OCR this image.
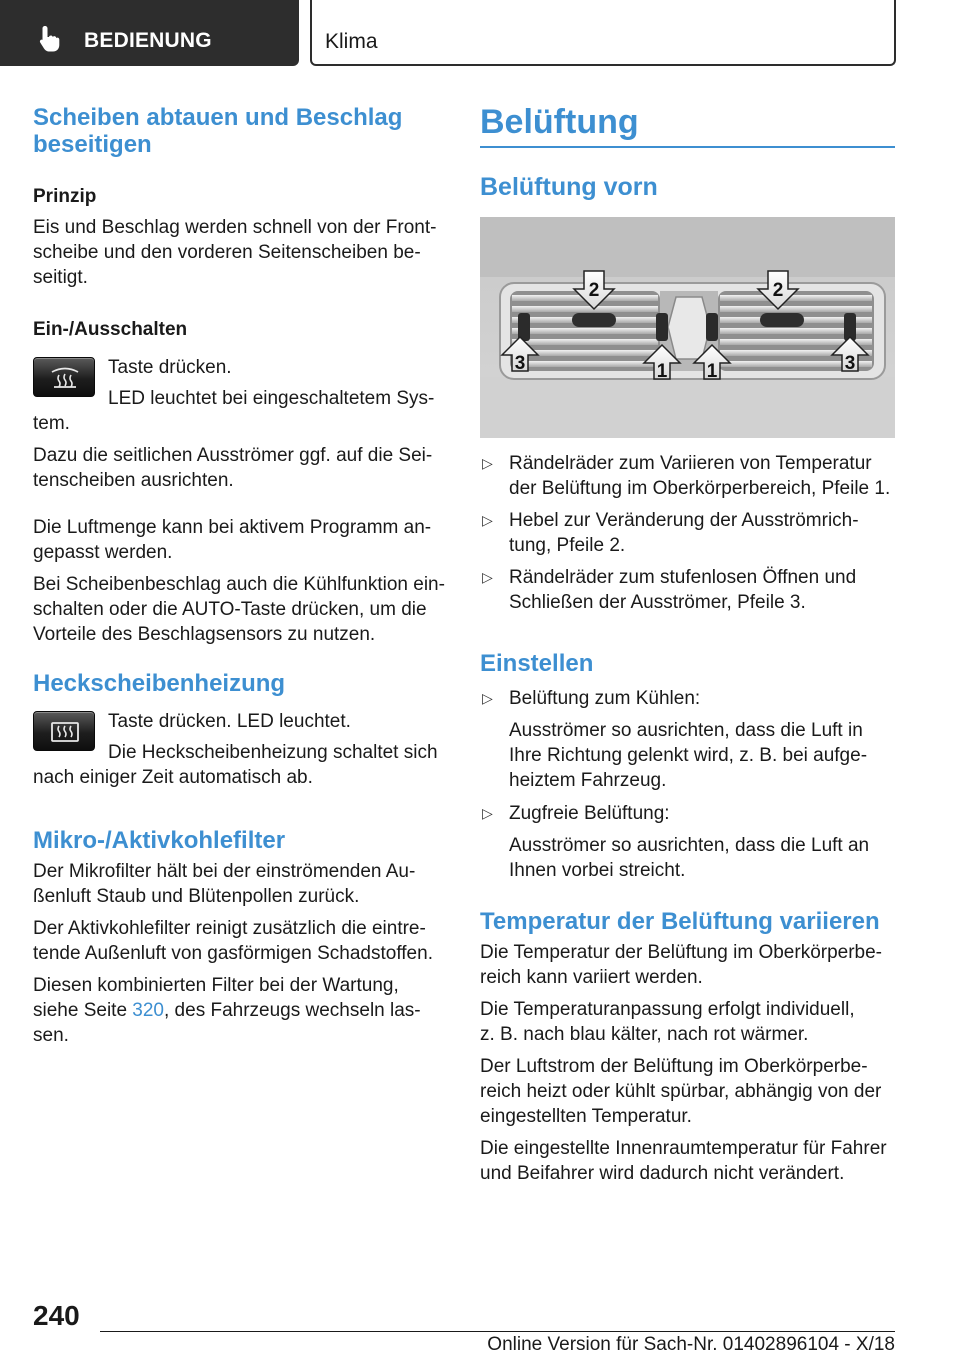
BEDIENUNG	Klima
Scheiben abtauen und Beschlag
beseitigen
Prinzip
Eis und Beschlag werden schnell von der Front-
scheibe und den vorderen Seitenscheiben be-
seitigt.
Ein-/Ausschalten
Taste drücken.
LED leuchtet bei eingeschaltetem Sys-
tem.
Dazu die seitlichen Ausströmer ggf. auf die Sei-
tenscheiben ausrichten.
Die Luftmenge kann bei aktivem Programm an-
gepasst werden.
Bei Scheibenbeschlag auch die Kühlfunktion ein-
schalten oder die AUTO-Taste drücken, um die
Vorteile des Beschlagsensors zu nutzen.
Heckscheibenheizung
Taste drücken. LED leuchtet.
Die Heckscheibenheizung schaltet sich
nach einiger Zeit automatisch ab.
Mikro-/Aktivkohlefilter
Der Mikrofilter hält bei der einströmenden Au-
ßenluft Staub und Blütenpollen zurück.
Der Aktivkohlefilter reinigt zusätzlich die eintre-
tende Außenluft von gasförmigen Schadstoffen.
Diesen kombinierten Filter bei der Wartung,
siehe Seite 320, des Fahrzeugs wechseln las-
sen.
Belüftung
Belüftung vorn
2	2
3	1 1	3
▷ Rändelräder zum Variieren von Temperatur
der Belüftung im Oberkörperbereich, Pfeile 1.
▷ Hebel zur Veränderung der Ausströmrich-
tung, Pfeile 2.
▷ Rändelräder zum stufenlosen Öffnen und
Schließen der Ausströmer, Pfeile 3.
Einstellen
▷ Belüftung zum Kühlen:
Ausströmer so ausrichten, dass die Luft in
Ihre Richtung gelenkt wird, z. B. bei aufge-
heiztem Fahrzeug.
▷ Zugfreie Belüftung:
Ausströmer so ausrichten, dass die Luft an
Ihnen vorbei streicht.
Temperatur der Belüftung variieren
Die Temperatur der Belüftung im Oberkörperbe-
reich kann variiert werden.
Die Temperaturanpassung erfolgt individuell,
z. B. nach blau kälter, nach rot wärmer.
Der Luftstrom der Belüftung im Oberkörperbe-
reich heizt oder kühlt spürbar, abhängig von der
eingestellten Temperatur.
Die eingestellte Innenraumtemperatur für Fahrer
und Beifahrer wird dadurch nicht verändert.
240
Online Version für Sach-Nr. 01402896104 - X/18
